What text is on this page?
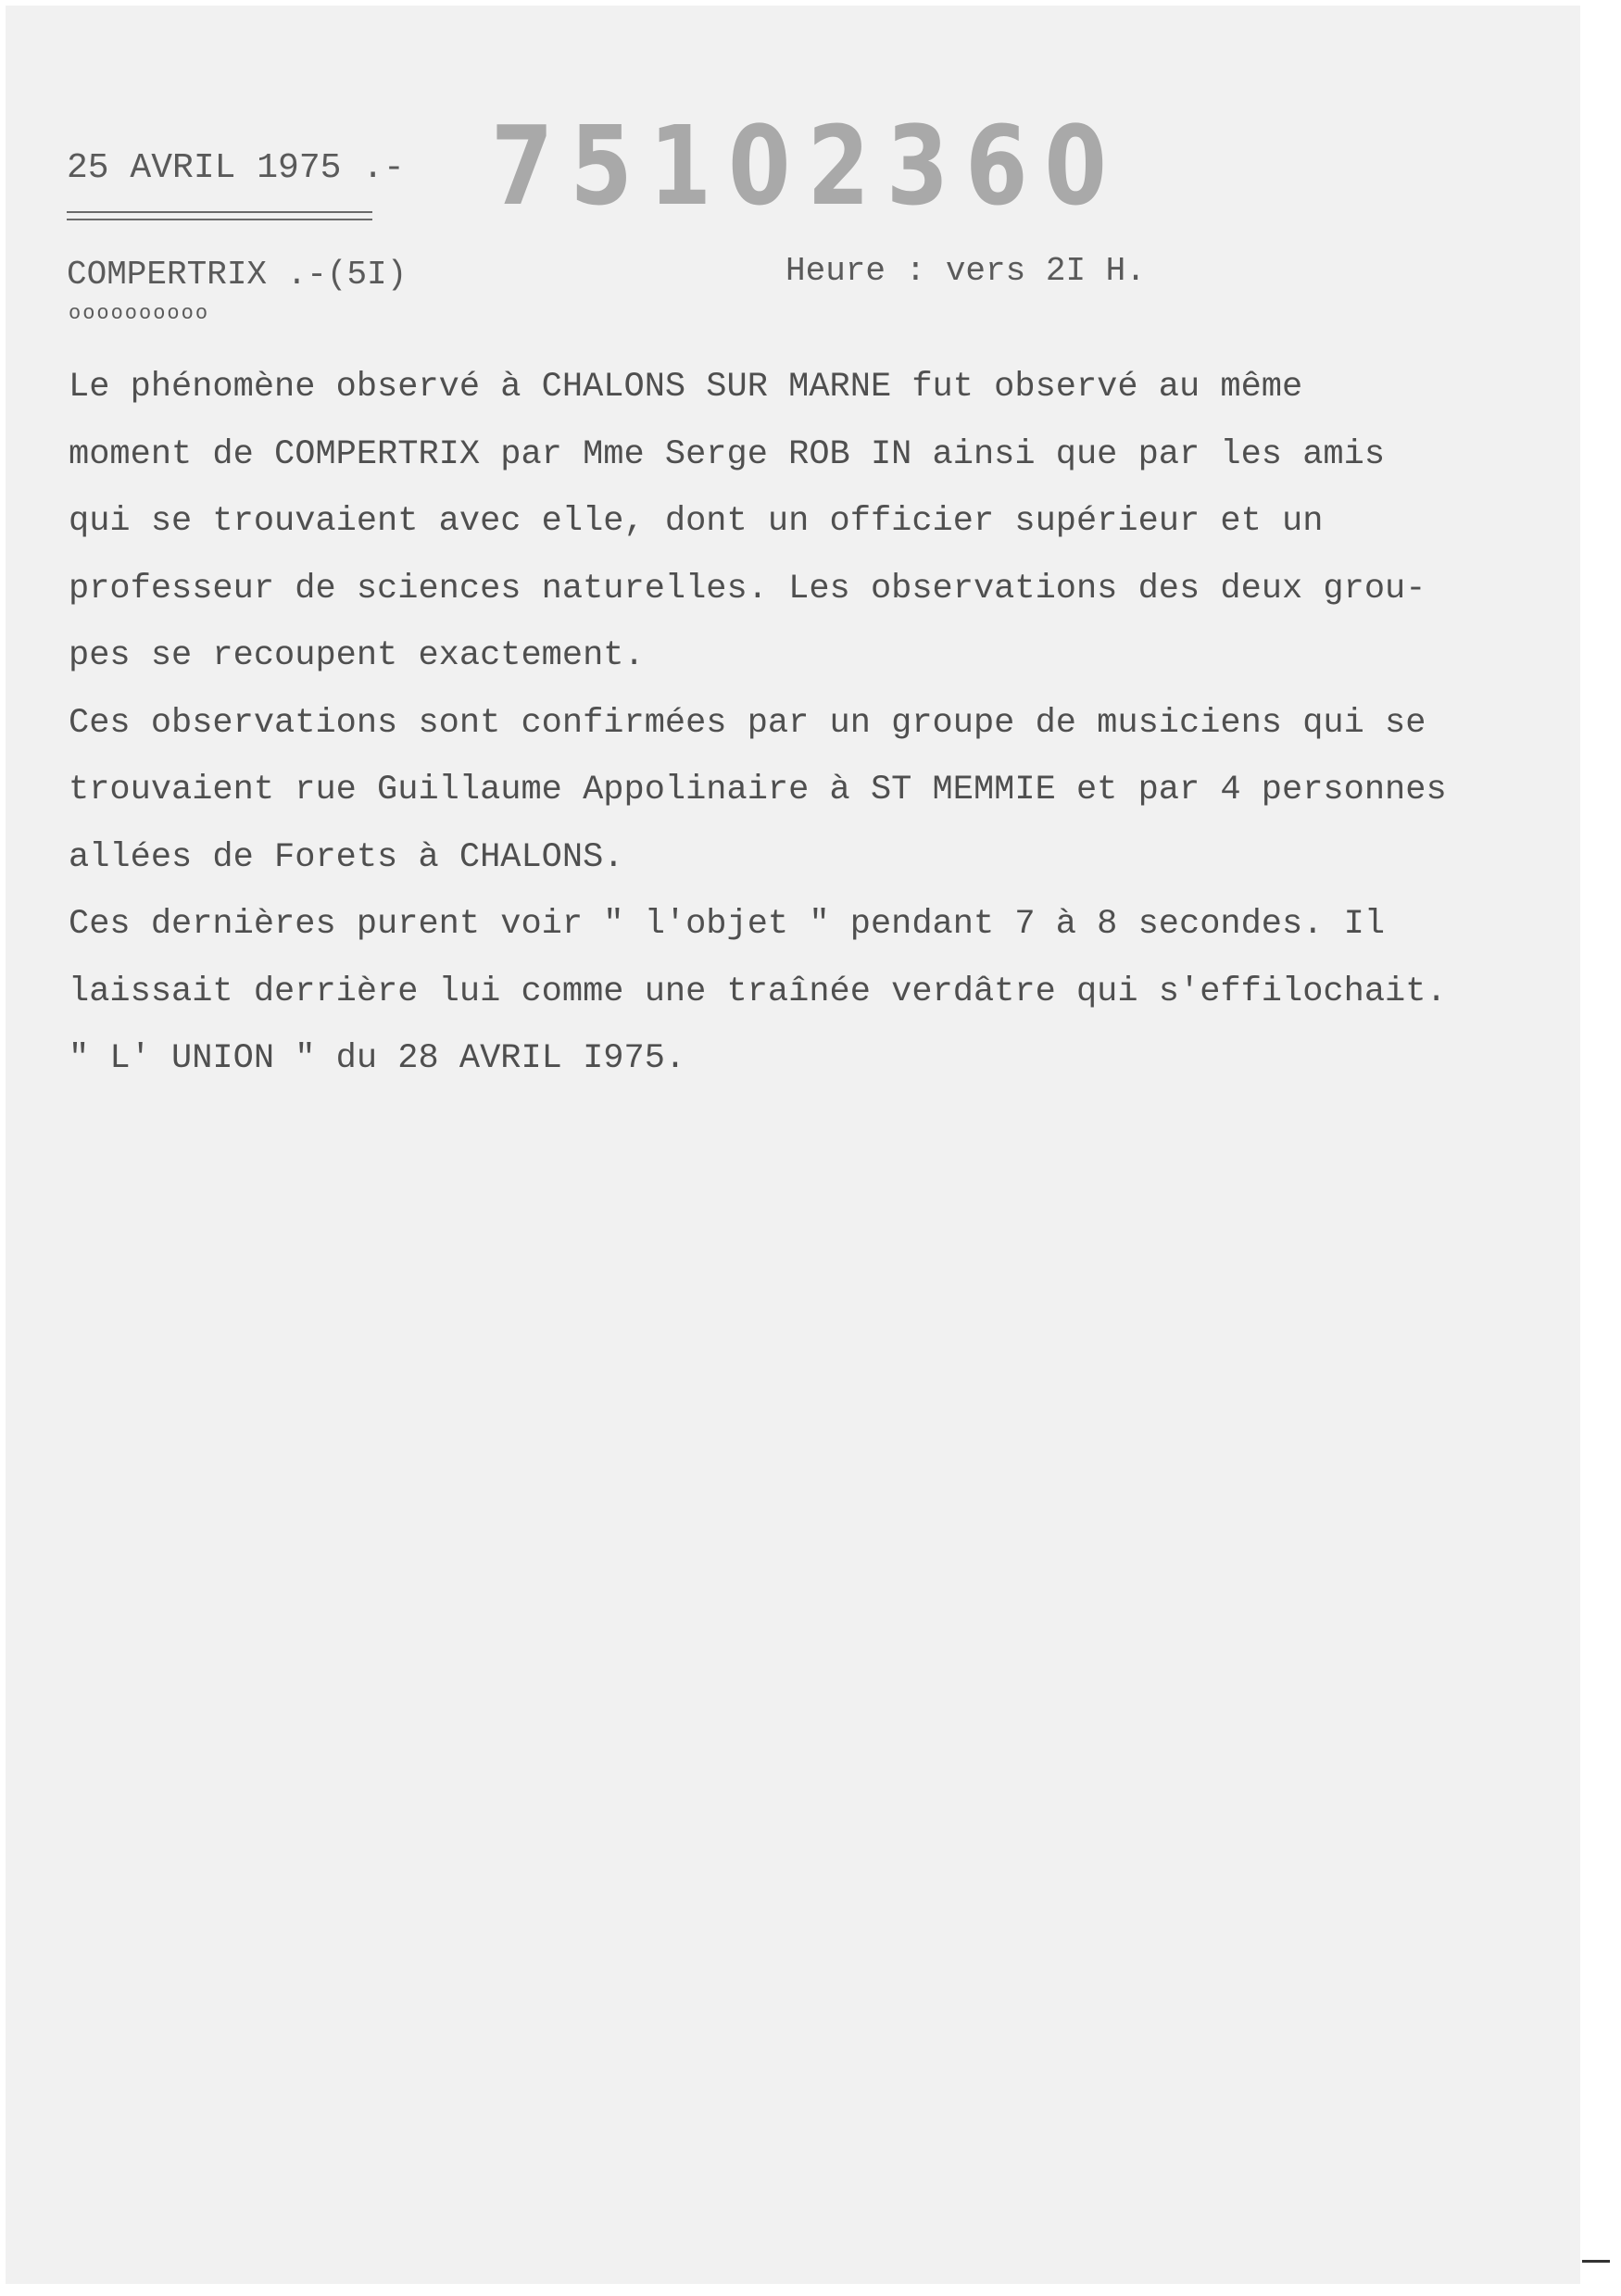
25 AVRIL 1975 .- 75102360
COMPERTRIX .-(5I)
oooooooooo
Heure : vers 2I H.
Le phénomène observé à CHALONS SUR MARNE fut observé au même
moment de COMPERTRIX par Mme Serge ROB IN ainsi que par les amis
qui se trouvaient avec elle, dont un officier supérieur et un
professeur de sciences naturelles. Les observations des deux grou-
pes se recoupent exactement.
Ces observations sont confirmées par un groupe de musiciens qui se
trouvaient rue Guillaume Appolinaire à ST MEMMIE et par 4 personnes
allées de Forets à CHALONS.
Ces dernières purent voir " l'objet " pendant 7 à 8 secondes. Il
laissait derrière lui comme une traînée verdâtre qui s'effilochait.
" L' UNION " du 28 AVRIL I975.
